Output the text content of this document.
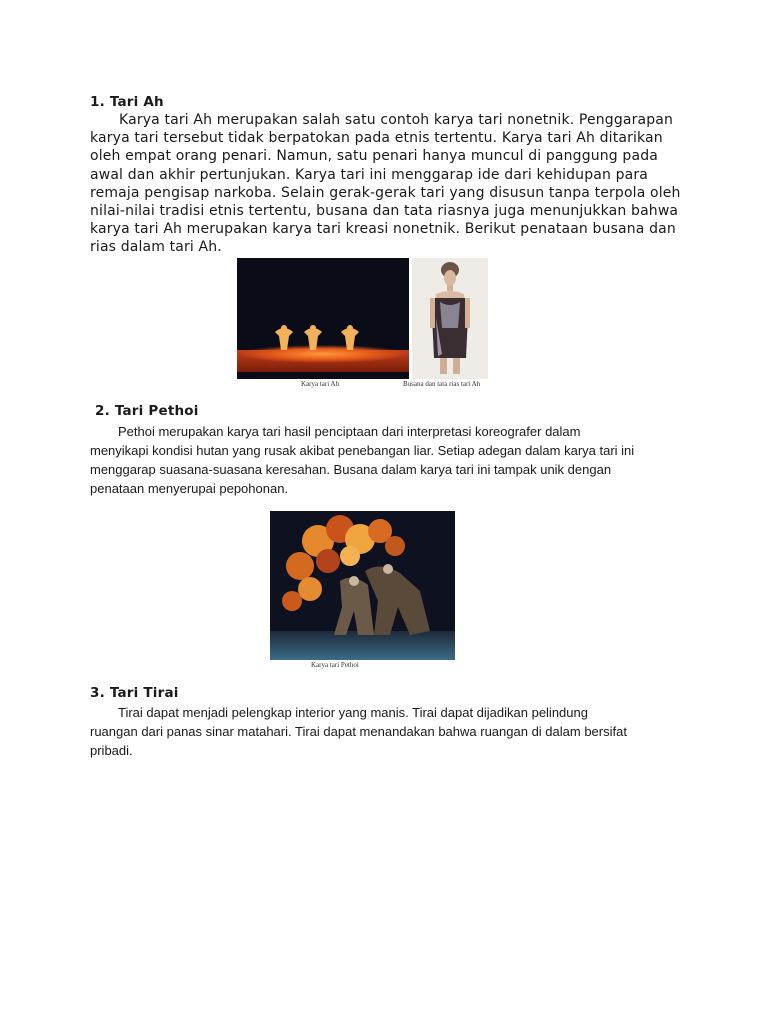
1. Tari Ah

Karya tari Ah merupakan salah satu contoh karya tari nonetnik. Penggarapan karya tari tersebut tidak berpatokan pada etnis tertentu. Karya tari Ah ditarikan oleh empat orang penari. Namun, satu penari hanya muncul di panggung pada awal dan akhir pertunjukan. Karya tari ini menggarap ide dari kehidupan para remaja pengisap narkoba. Selain gerak-gerak tari yang disusun tanpa terpola oleh nilai-nilai tradisi etnis tertentu, busana dan tata riasnya juga menunjukkan bahwa karya tari Ah merupakan karya tari kreasi nonetnik. Berikut penataan busana dan rias dalam tari Ah.

Karya tari Ah	Busana dan tata rias tari Ah
2. Tari Pethoi

Pethoi merupakan karya tari hasil penciptaan dari interpretasi koreografer dalam menyikapi kondisi hutan yang rusak akibat penebangan liar. Setiap adegan dalam karya tari ini menggarap suasana-suasana keresahan. Busana dalam karya tari ini tampak unik dengan penataan menyerupai pepohonan.

Karya tari Pethoi
3. Tari Tirai

Tirai dapat menjadi pelengkap interior yang manis. Tirai dapat dijadikan pelindung ruangan dari panas sinar matahari. Tirai dapat menandakan bahwa ruangan di dalam bersifat pribadi.
